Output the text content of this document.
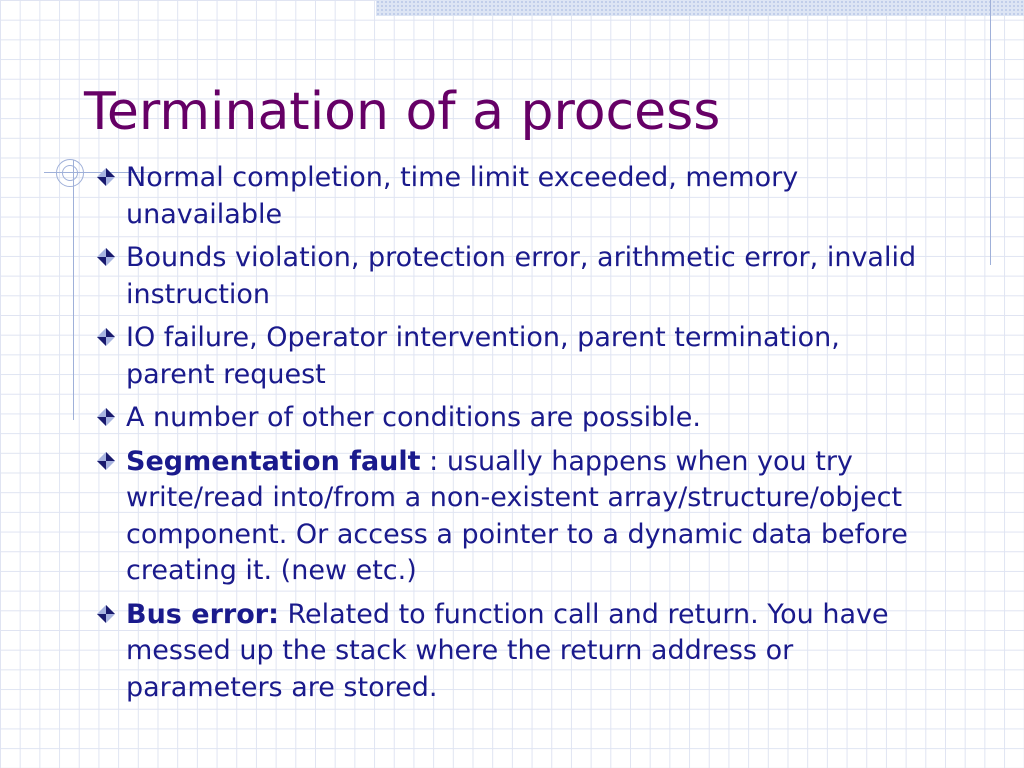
Termination of a process
Normal completion, time limit exceeded, memory unavailable
Bounds violation, protection error, arithmetic error, invalid instruction
IO failure, Operator intervention, parent termination, parent request
A number of other conditions are possible.
Segmentation fault : usually happens when you try write/read into/from a non-existent array/structure/object component. Or access a pointer to a dynamic data before creating it. (new etc.)
Bus error: Related to function call and return. You have messed up the stack where the return address or parameters are stored.
